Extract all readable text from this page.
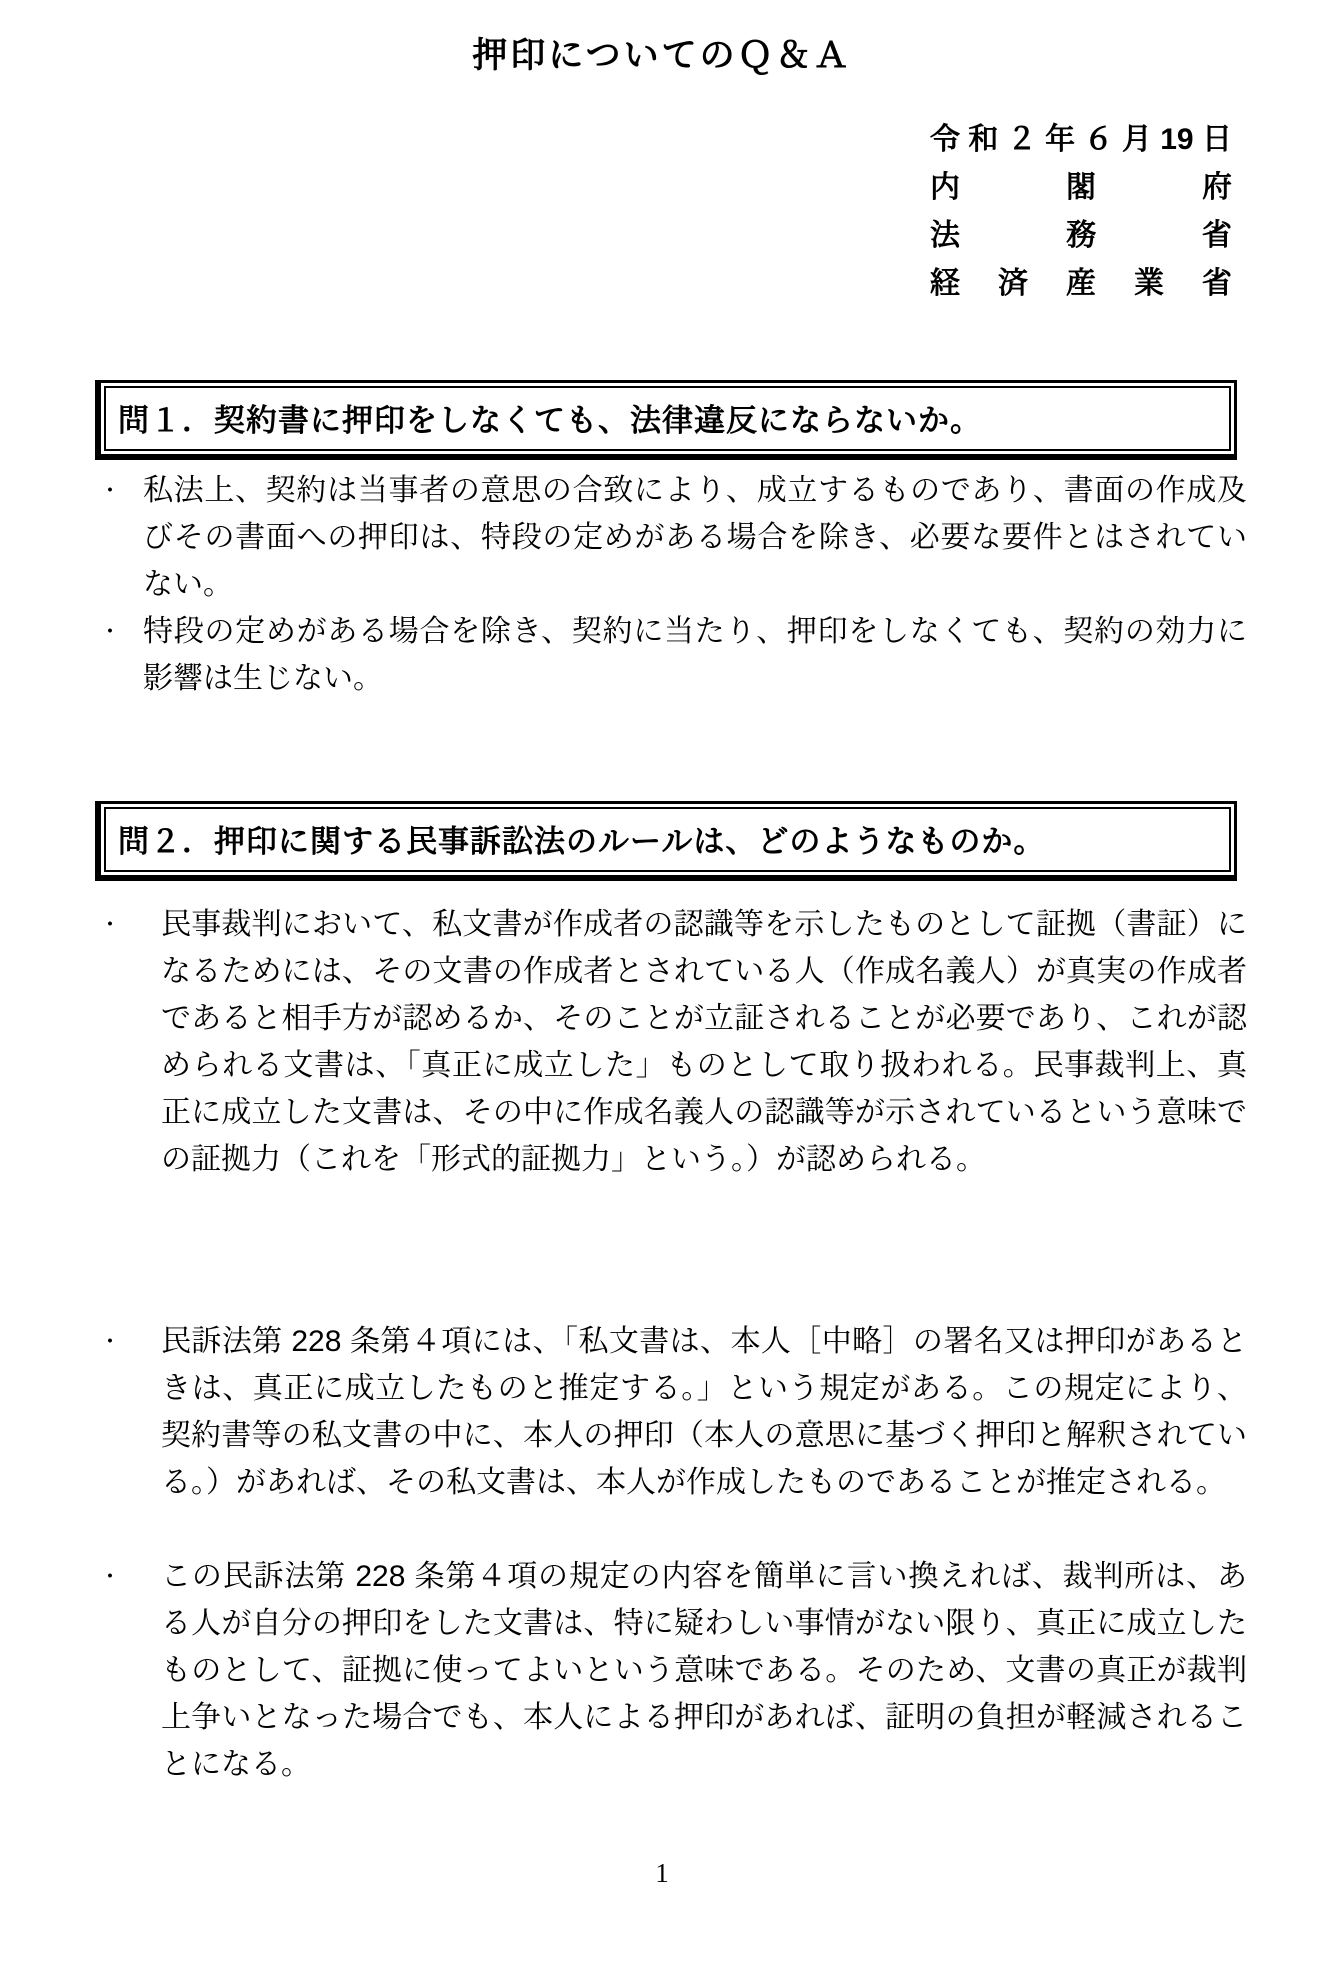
押印についてのＱ＆Ａ
令和２年６月19日
内閣府
法務省
経済産業省
問１．契約書に押印をしなくても、法律違反にならないか。
・ 私法上、契約は当事者の意思の合致により、成立するものであり、書面の作成及びその書面への押印は、特段の定めがある場合を除き、必要な要件とはされていない。
・ 特段の定めがある場合を除き、契約に当たり、押印をしなくても、契約の効力に影響は生じない。
問２．押印に関する民事訴訟法のルールは、どのようなものか。
・ 民事裁判において、私文書が作成者の認識等を示したものとして証拠（書証）になるためには、その文書の作成者とされている人（作成名義人）が真実の作成者であると相手方が認めるか、そのことが立証されることが必要であり、これが認められる文書は、「真正に成立した」ものとして取り扱われる。民事裁判上、真正に成立した文書は、その中に作成名義人の認識等が示されているという意味での証拠力（これを「形式的証拠力」という。）が認められる。
・ 民訴法第 228 条第４項には、「私文書は、本人［中略］の署名又は押印があるときは、真正に成立したものと推定する。」という規定がある。この規定により、契約書等の私文書の中に、本人の押印（本人の意思に基づく押印と解釈されている。）があれば、その私文書は、本人が作成したものであることが推定される。
・ この民訴法第 228 条第４項の規定の内容を簡単に言い換えれば、裁判所は、ある人が自分の押印をした文書は、特に疑わしい事情がない限り、真正に成立したものとして、証拠に使ってよいという意味である。そのため、文書の真正が裁判上争いとなった場合でも、本人による押印があれば、証明の負担が軽減されることになる。
1
